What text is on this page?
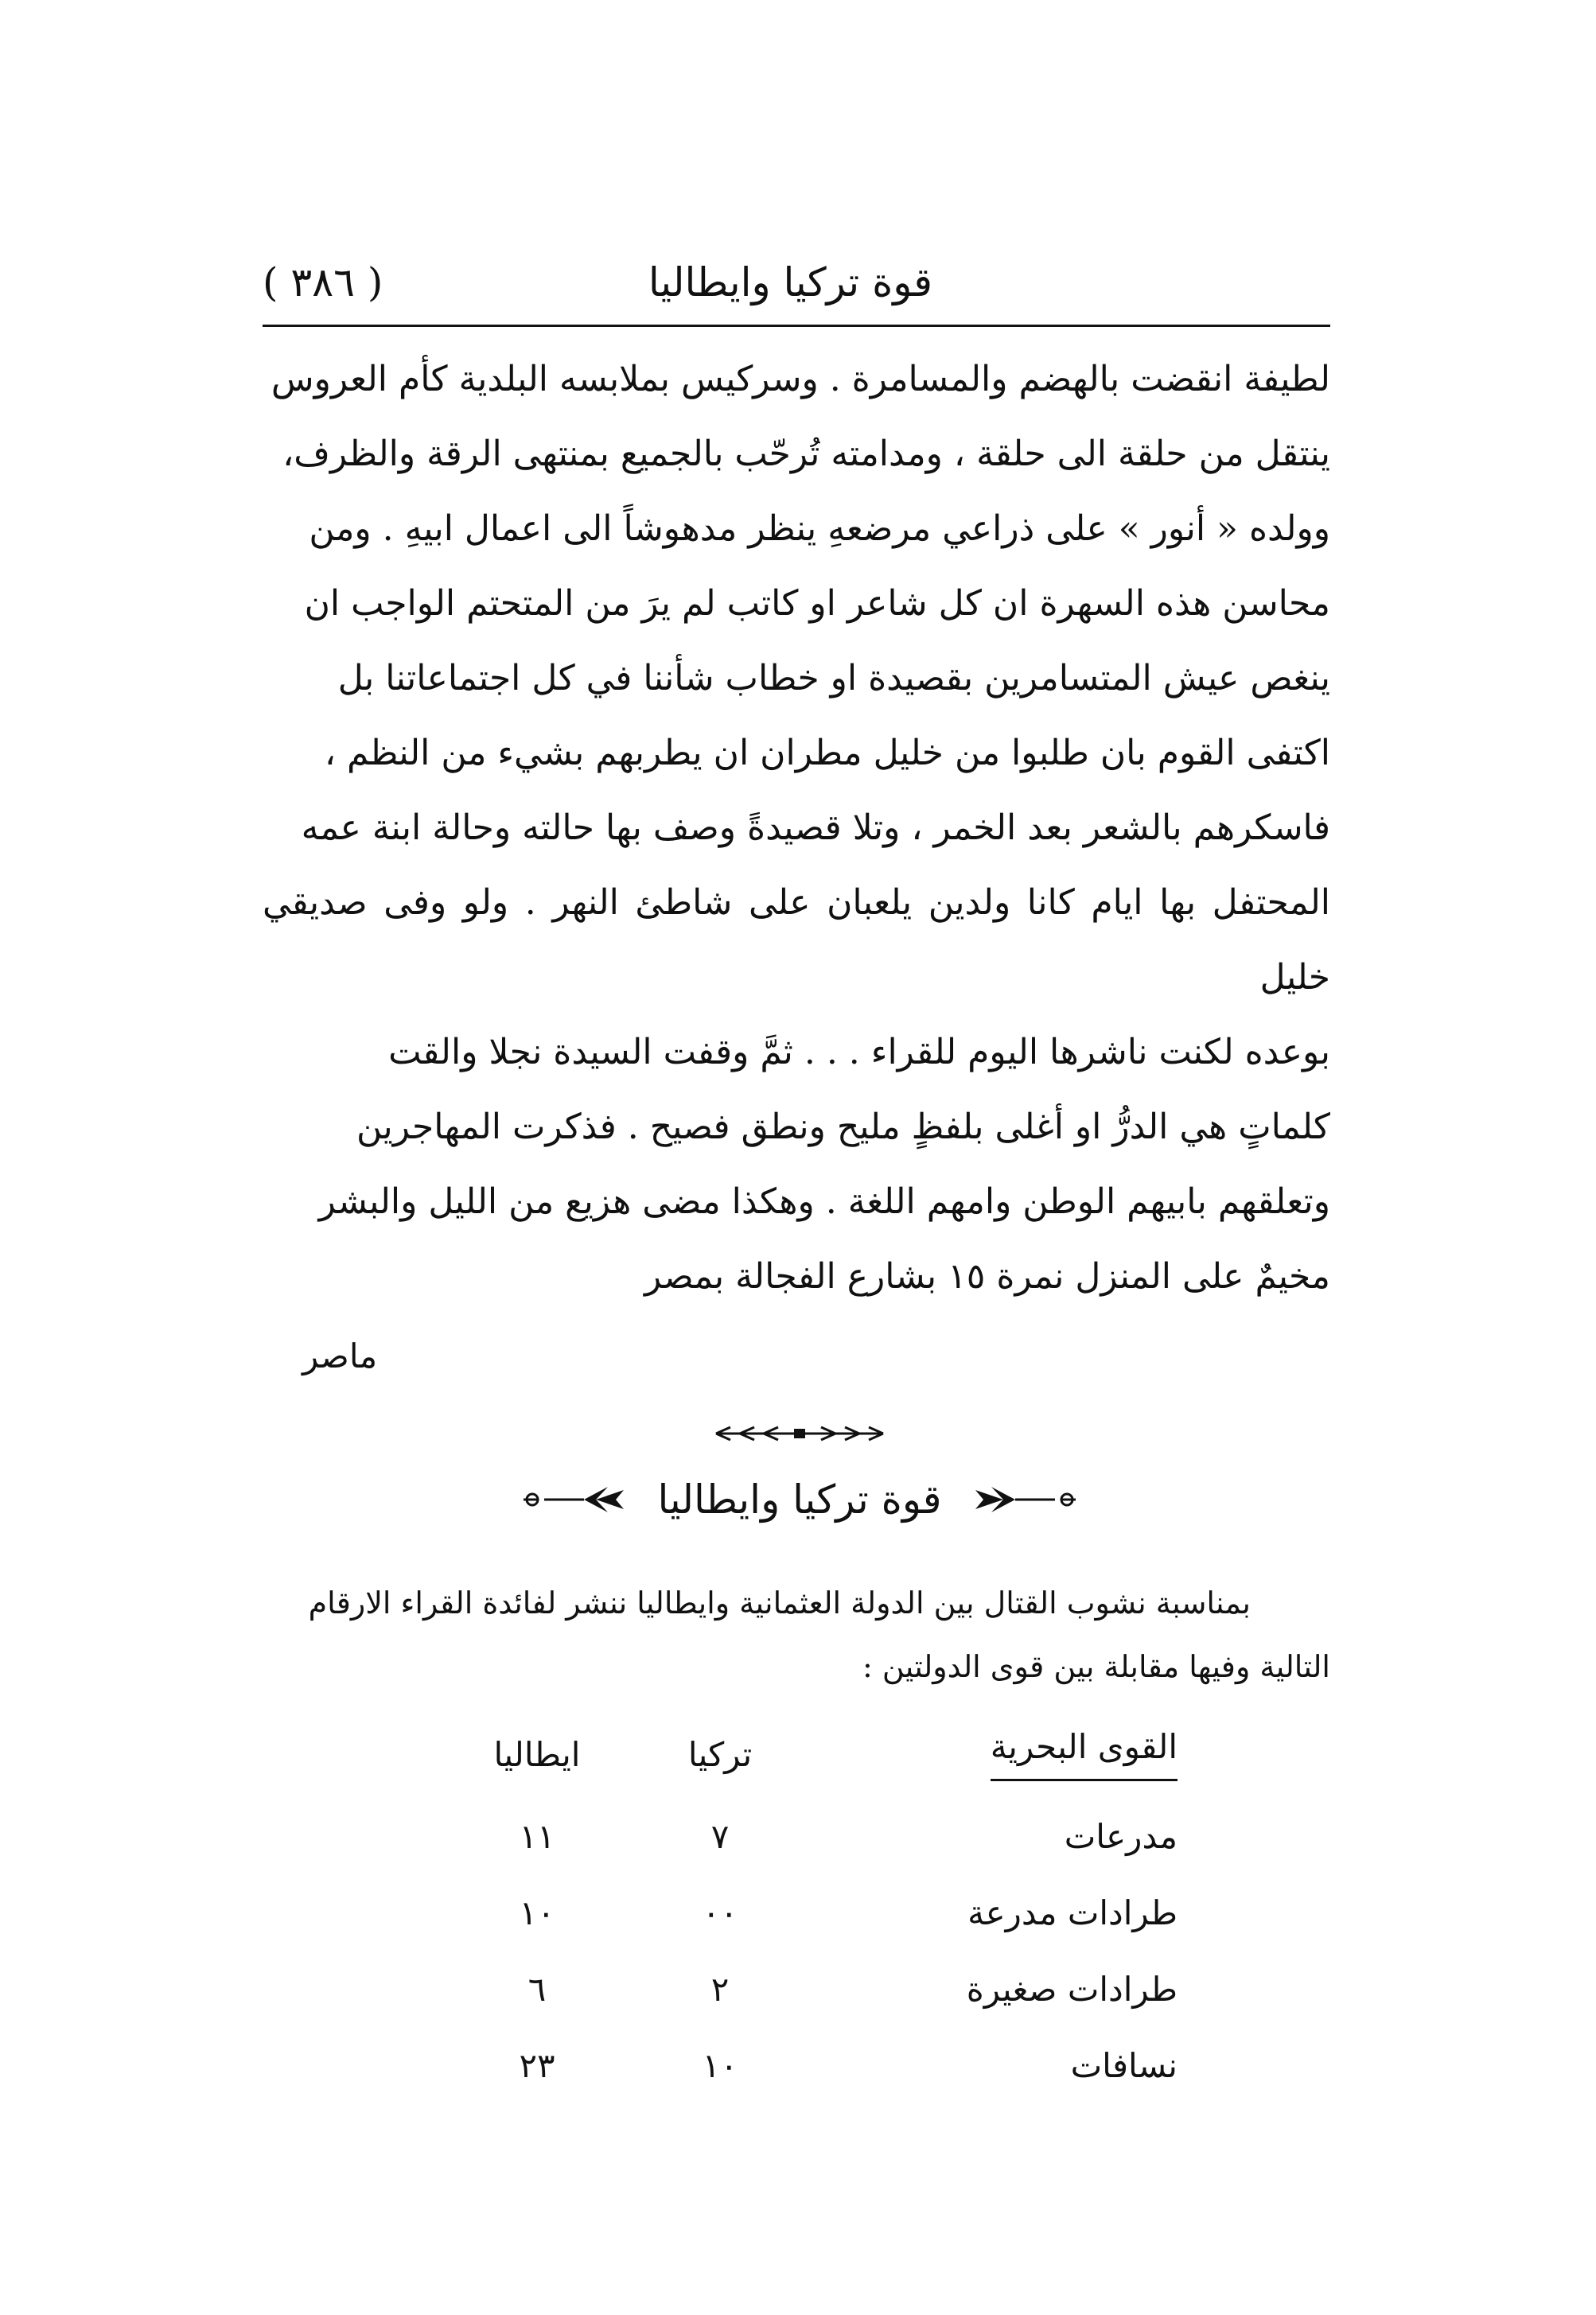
قوة تركيا وايطاليا
( ٣٨٦ )

لطيفة انقضت بالهضم والمسامرة . وسركيس بملابسه البلدية كأم العروس

ينتقل من حلقة الى حلقة ، ومدامته تُرحّب بالجميع بمنتهى الرقة والظرف،

وولده « أنور » على ذراعي مرضعهِ ينظر مدهوشاً الى اعمال ابيهِ . ومن

محاسن هذه السهرة ان كل شاعر او كاتب لم يرَ من المتحتم الواجب ان

ينغص عيش المتسامرين بقصيدة او خطاب شأننا في كل اجتماعاتنا بل

اكتفى القوم بان طلبوا من خليل مطران ان يطربهم بشيء من النظم ،

فاسكرهم بالشعر بعد الخمر ، وتلا قصيدةً وصف بها حالته وحالة ابنة عمه

المحتفل بها ايام كانا ولدين يلعبان على شاطئ النهر . ولو وفى صديقي خليل

بوعده لكنت ناشرها اليوم للقراء . . . ثمَّ وقفت السيدة نجلا والقت

كلماتٍ هي الدرُّ او أغلى بلفظٍ مليح ونطق فصيح . فذكرت المهاجرين

وتعلقهم بابيهم الوطن وامهم اللغة . وهكذا مضى هزيع من الليل والبشر

مخيمٌ على المنزل نمرة ١٥ بشارع الفجالة بمصر

ماصر
قوة تركيا وايطاليا

بمناسبة نشوب القتال بين الدولة العثمانية وايطاليا ننشر لفائدة القراء الارقام

التالية وفيها مقابلة بين قوى الدولتين :

القوى البحرية	تركيا	ايطاليا
مدرعات	٧	١١
طرادات مدرعة	٠٠	١٠
طرادات صغيرة	٢	٦
نسافات	١٠	٢٣
